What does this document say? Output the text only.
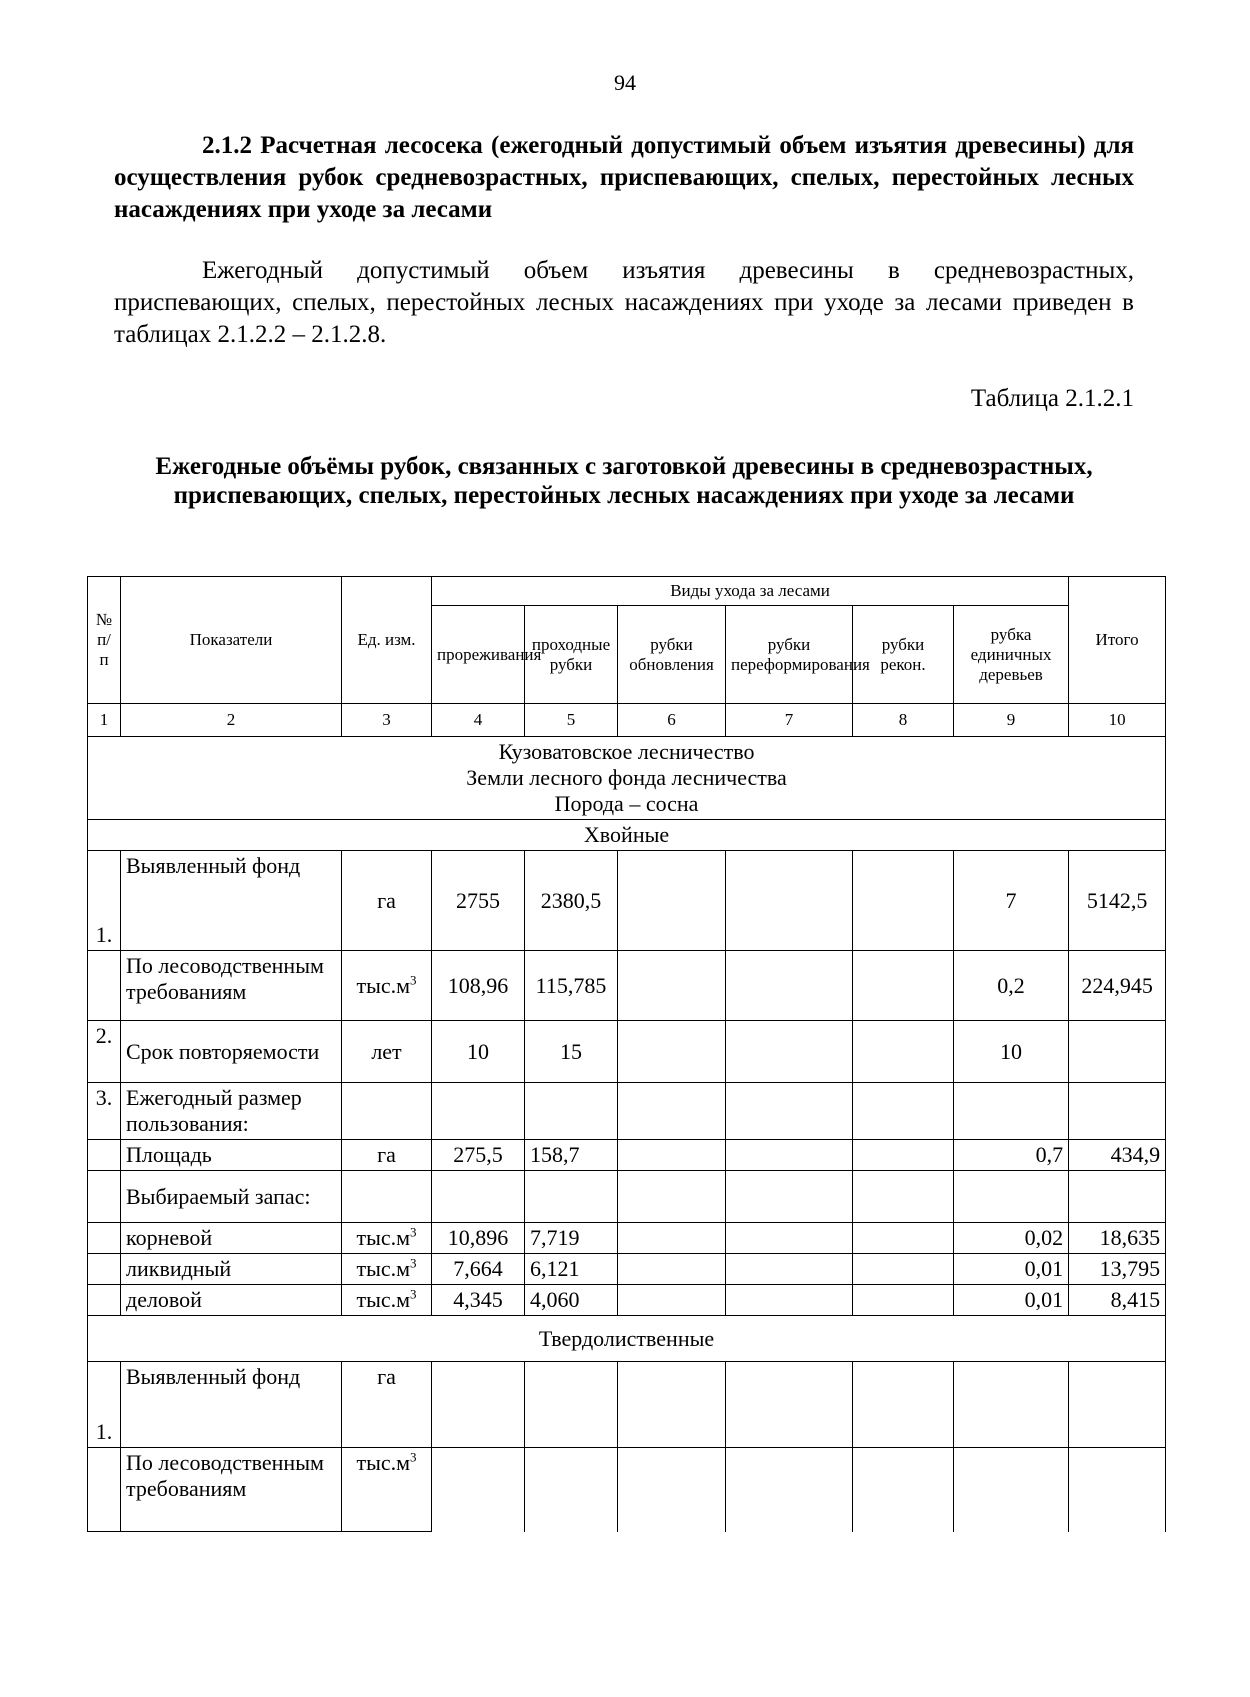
94
2.1.2 Расчетная лесосека (ежегодный допустимый объем изъятия древесины) для осуществления рубок средневозрастных, приспевающих, спелых, перестойных лесных насаждениях при уходе за лесами
Ежегодный допустимый объем изъятия древесины в средневозрастных, приспевающих, спелых, перестойных лесных насаждениях при уходе за лесами приведен в таблицах 2.1.2.2 – 2.1.2.8.
Таблица 2.1.2.1
Ежегодные объёмы рубок, связанных с заготовкой древесины в средневозрастных, приспевающих, спелых, перестойных лесных насаждениях при уходе за лесами
№ п/п	Показатели	Ед. изм.	Виды ухода за лесами						Итого
			прореживания	проходные рубки	рубки обновления	рубки переформирования	рубки рекон.	рубка единичных деревьев	
1	2	3	4	5	6	7	8	9	10

Кузоватовское лесничество
Земли лесного фонда лесничества
Порода – сосна									

Хвойные									
1.	Выявленный фонд	га	2755	2380,5				7	5142,5
	По лесоводственным требованиям	$тыс.м^3$	108,96	115,785				0,2	224,945
2.	Срок повторяемости	лет	10	15				10	
3.	Ежегодный размер пользования:								
	Площадь	га	275,5	158,7				0,7	434,9
	Выбираемый запас:								
	корневой	$тыс.м^3$	10,896	7,719				0,02	18,635
	ликвидный	$тыс.м^3$	7,664	6,121				0,01	13,795
	деловой	$тыс.м^3$	4,345	4,060				0,01	8,415
Твердолиственные									
1.	Выявленный фонд	га							
	По лесоводственным требованиям	$тыс.м^3$							
